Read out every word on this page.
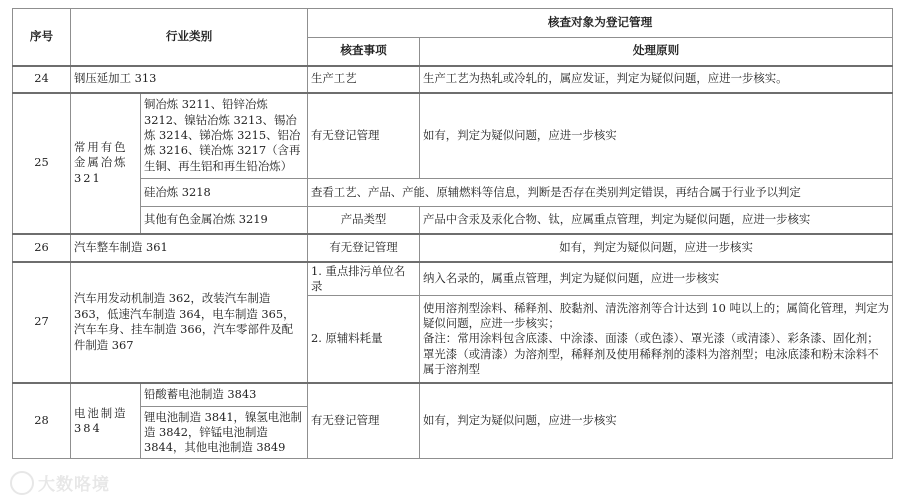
序号	行业类别		核查对象为登记管理	
			核查事项	处理原则
24	钢压延加工 313		生产工艺	生产工艺为热轧或冷轧的，属应发证，判定为疑似问题，应进一步核实。
25	常用有色金属冶炼 321	铜冶炼 3211、铅锌冶炼 3212、镍钴冶炼 3213、锡冶炼 3214、锑冶炼 3215、铝冶炼 3216、镁冶炼 3217（含再生铜、再生铝和再生铅冶炼）	有无登记管理	如有，判定为疑似问题，应进一步核实
		硅冶炼 3218	查看工艺、产品、产能、原辅燃料等信息，判断是否存在类别判定错误，再结合属于行业予以判定	
		其他有色金属冶炼 3219	产品类型	产品中含汞及汞化合物、钛，应属重点管理，判定为疑似问题，应进一步核实
26	汽车整车制造 361		有无登记管理	如有，判定为疑似问题，应进一步核实
27	汽车用发动机制造 362，改装汽车制造 363，低速汽车制造 364，电车制造 365，汽车车身、挂车制造 366，汽车零部件及配件制造 367		1. 重点排污单位名录	纳入名录的，属重点管理，判定为疑似问题，应进一步核实
			2. 原辅料耗量	使用溶剂型涂料、稀释剂、胶黏剂、清洗溶剂等合计达到 10 吨以上的；属简化管理，判定为疑似问题，应进一步核实；
备注：常用涂料包含底漆、中涂漆、面漆（或色漆）、罩光漆（或清漆）、彩条漆、固化剂；罩光漆（或清漆）为溶剂型，稀释剂及使用稀释剂的漆料为溶剂型；电泳底漆和粉末涂料不属于溶剂型

28	电池制造 384	铅酸蓄电池制造 3843	有无登记管理	如有，判定为疑似问题，应进一步核实
		锂电池制造 3841，镍氢电池制造 3842，锌锰电池制造 3844，其他电池制造 3849		
大数咯境
